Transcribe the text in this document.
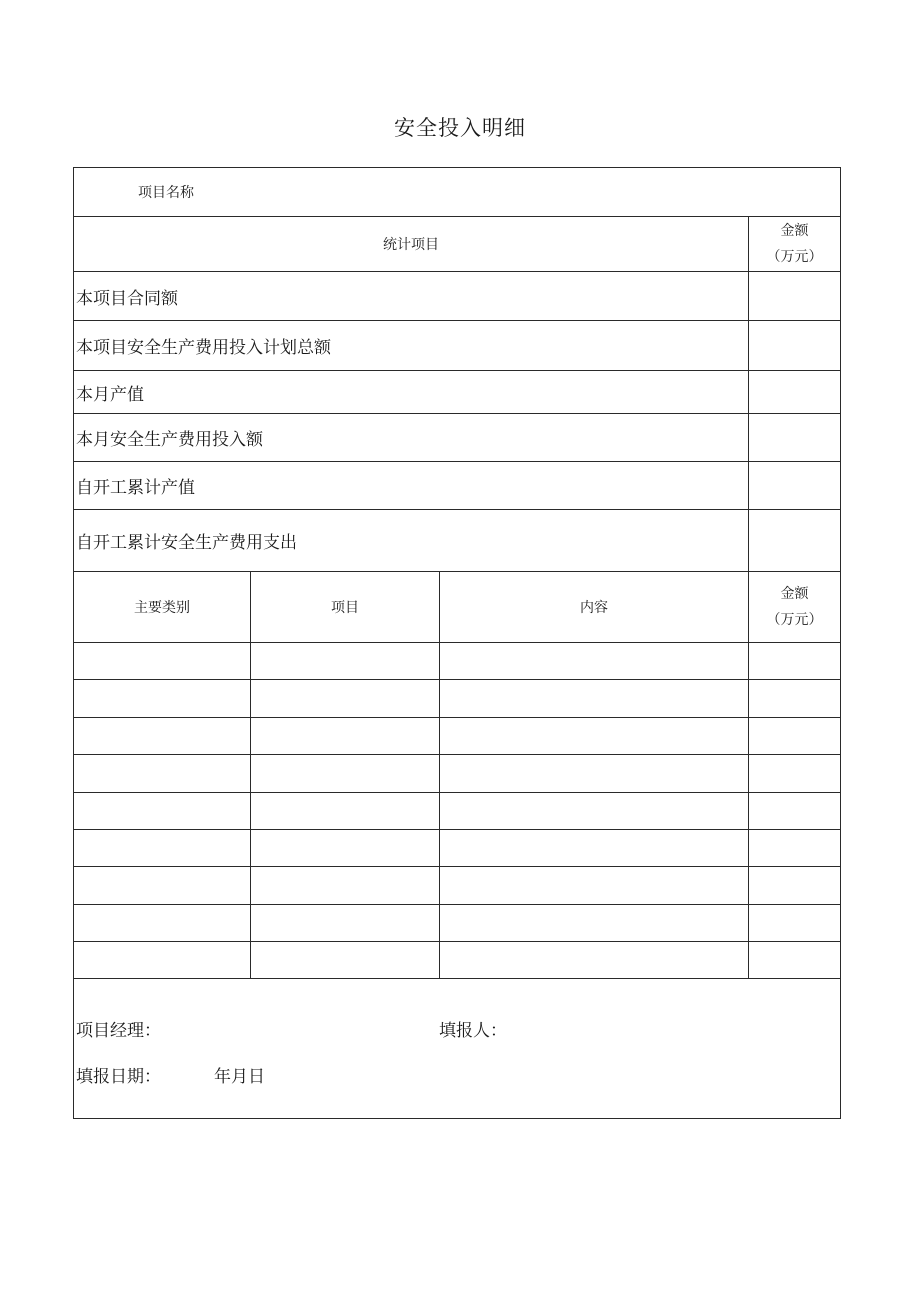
安全投入明细
项目名称			
统计项目			金额
（万元）

本项目合同额			
本项目安全生产费用投入计划总额			
本月产值			
本月安全生产费用投入额			
自开工累计产值			
自开工累计安全生产费用支出			
主要类别	项目	内容	金额
（万元）

项目经理： 填报人：
填报日期： 年月日			
